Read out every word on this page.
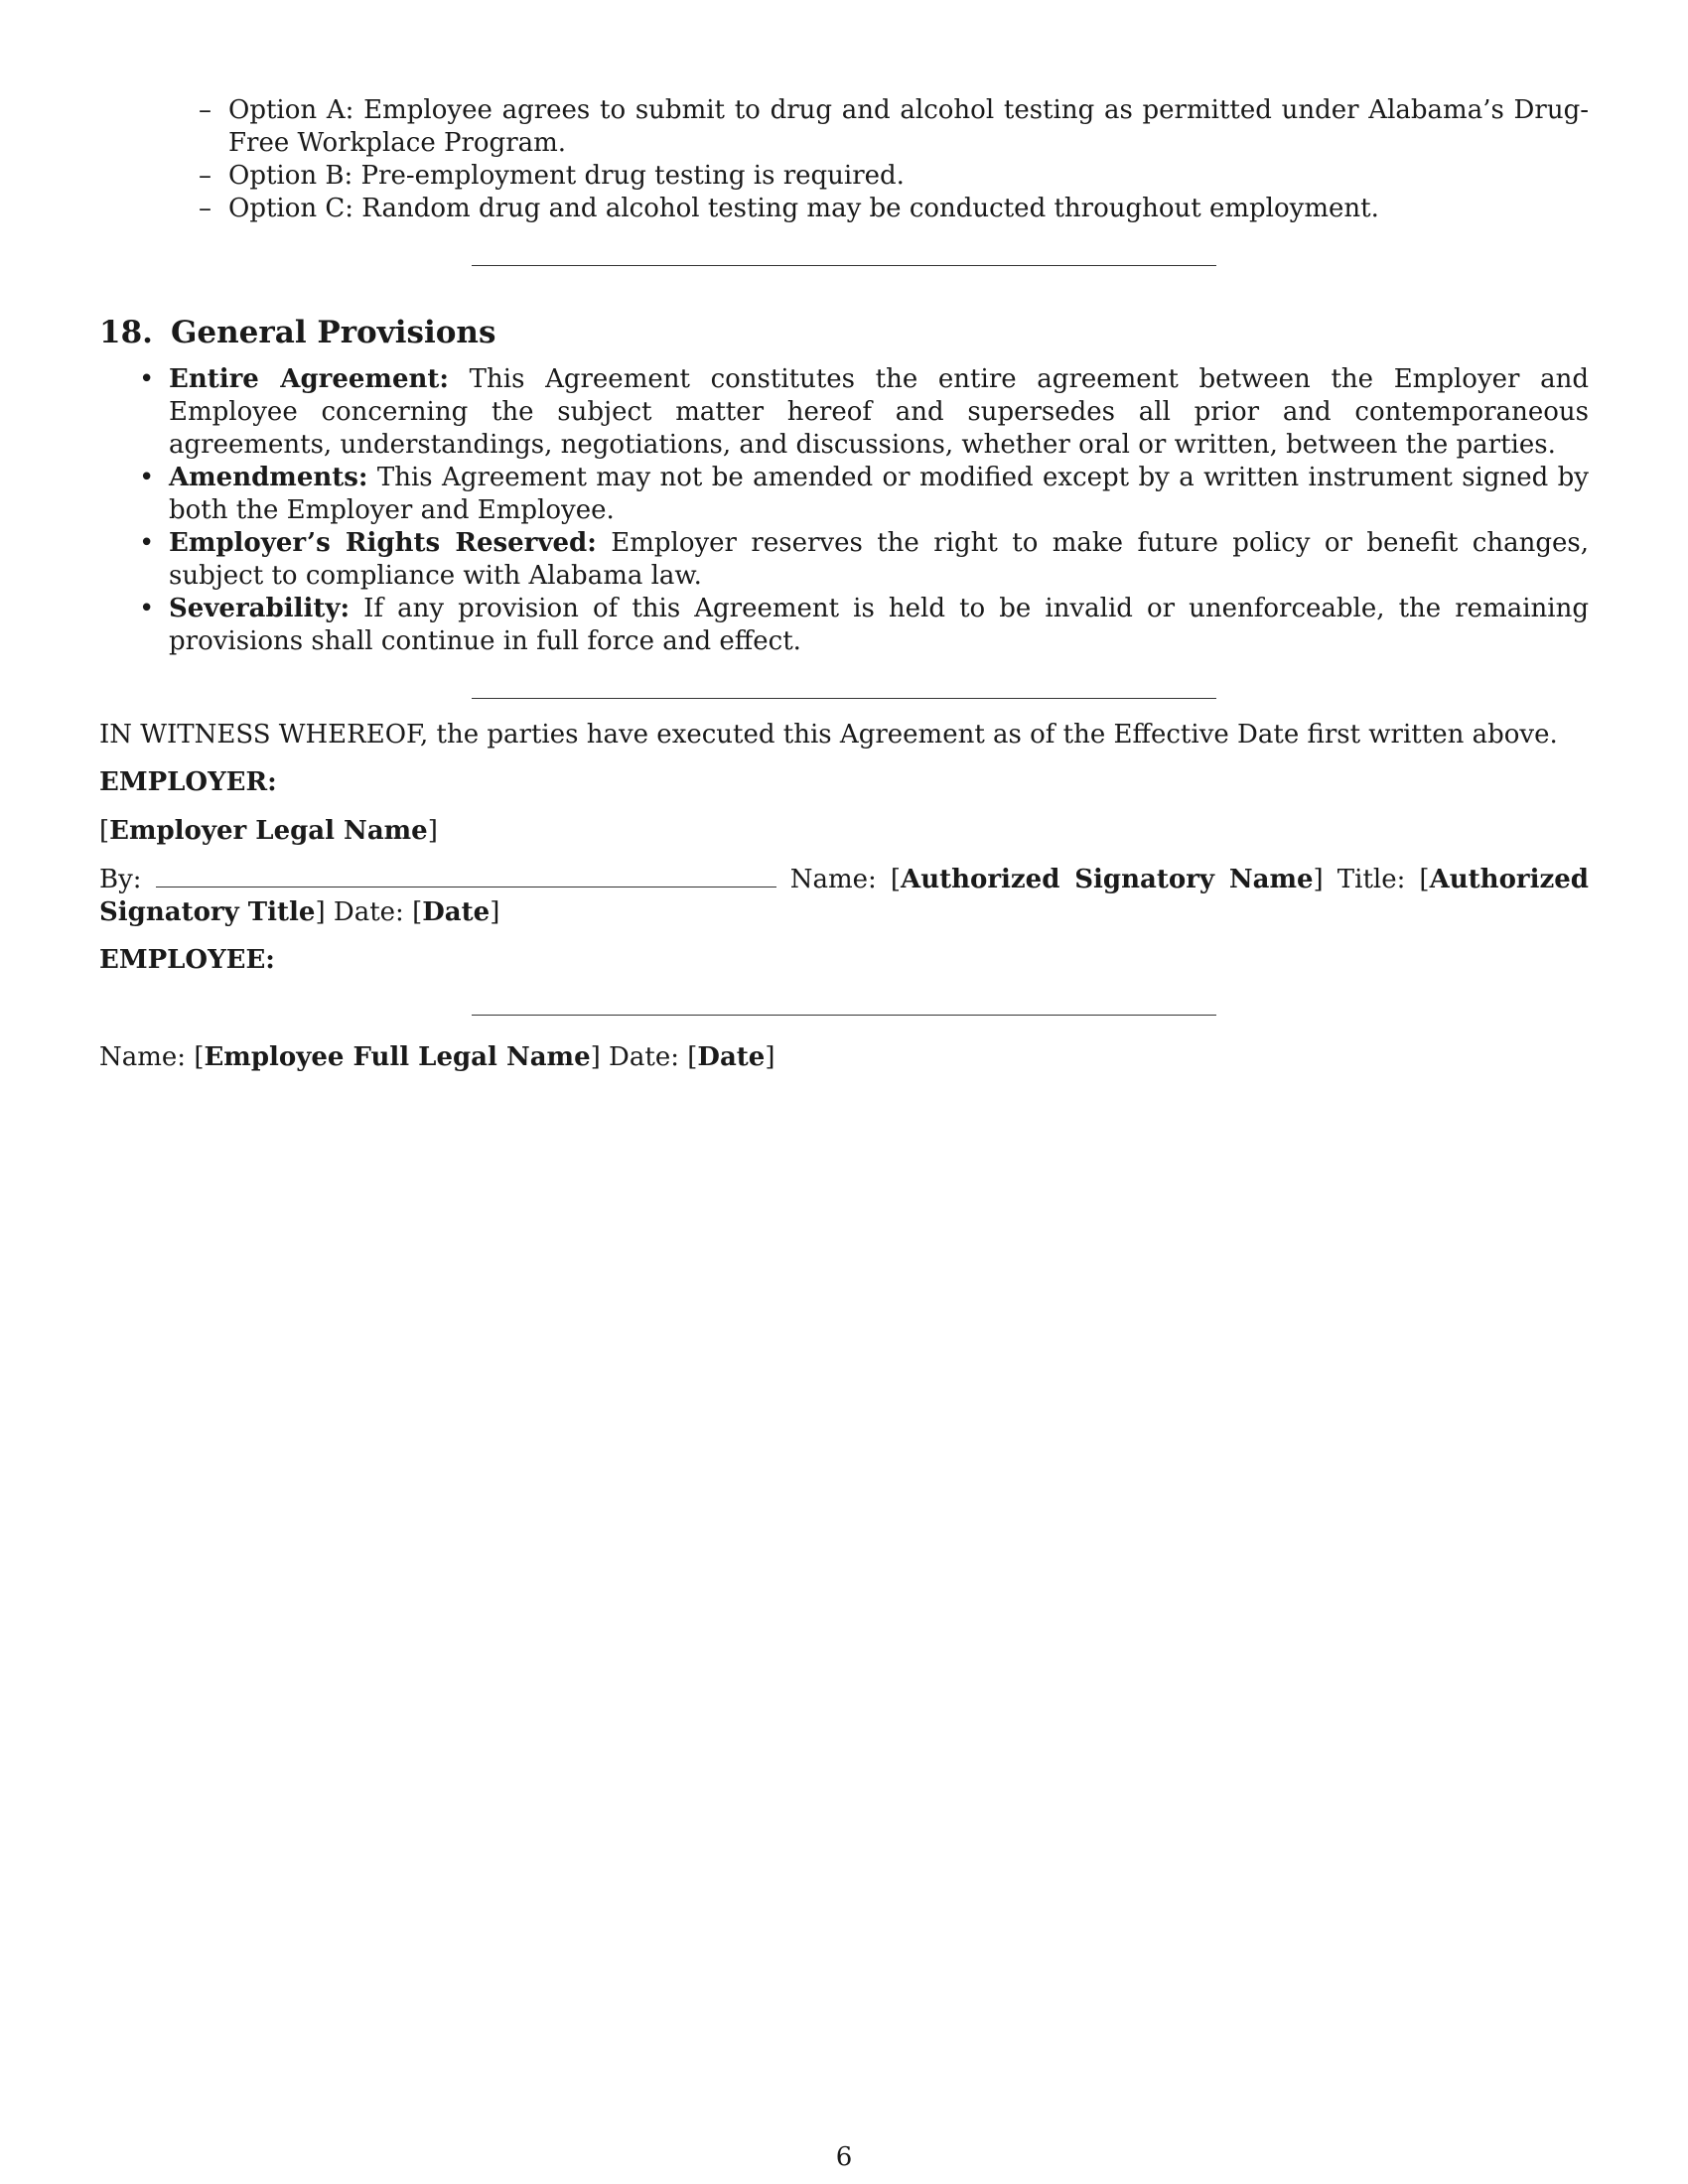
– Option A: Employee agrees to submit to drug and alcohol testing as permitted under Alabama’s Drug-Free Workplace Program.
– Option B: Pre-employment drug testing is required.
– Option C: Random drug and alcohol testing may be conducted throughout employment.
18. General Provisions
• Entire Agreement: This Agreement constitutes the entire agreement between the Employer and Employee concerning the subject matter hereof and supersedes all prior and contemporaneous agreements, understandings, negotiations, and discussions, whether oral or written, between the parties.
• Amendments: This Agreement may not be amended or modified except by a written instrument signed by both the Employer and Employee.
• Employer’s Rights Reserved: Employer reserves the right to make future policy or benefit changes, subject to compliance with Alabama law.
• Severability: If any provision of this Agreement is held to be invalid or unenforceable, the remaining provisions shall continue in full force and effect.

IN WITNESS WHEREOF, the parties have executed this Agreement as of the Effective Date first written above.

EMPLOYER:

[Employer Legal Name]

By:	Name: [Authorized Signatory Name] Title: [Authorized Signatory Title] Date: [Date]

EMPLOYEE:

Name: [Employee Full Legal Name] Date: [Date]

6
